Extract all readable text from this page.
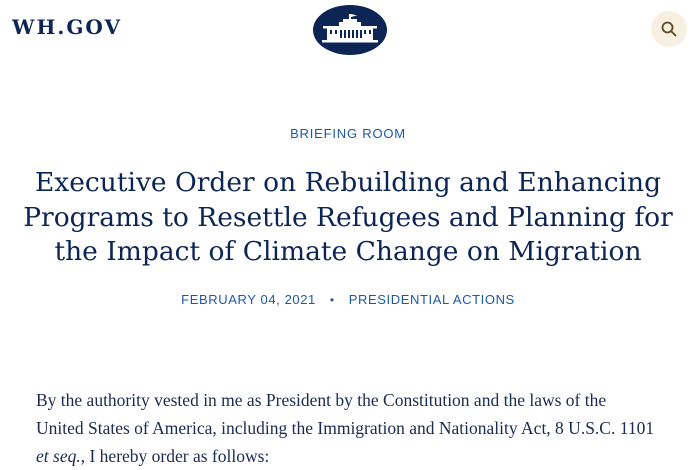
WH.GOV
BRIEFING ROOM
Executive Order on Rebuilding and Enhancing Programs to Resettle Refugees and Planning for the Impact of Climate Change on Migration
FEBRUARY 04, 2021 • PRESIDENTIAL ACTIONS

By the authority vested in me as President by the Constitution and the laws of the United States of America, including the Immigration and Nationality Act, 8 U.S.C. 1101 et seq., I hereby order as follows:
